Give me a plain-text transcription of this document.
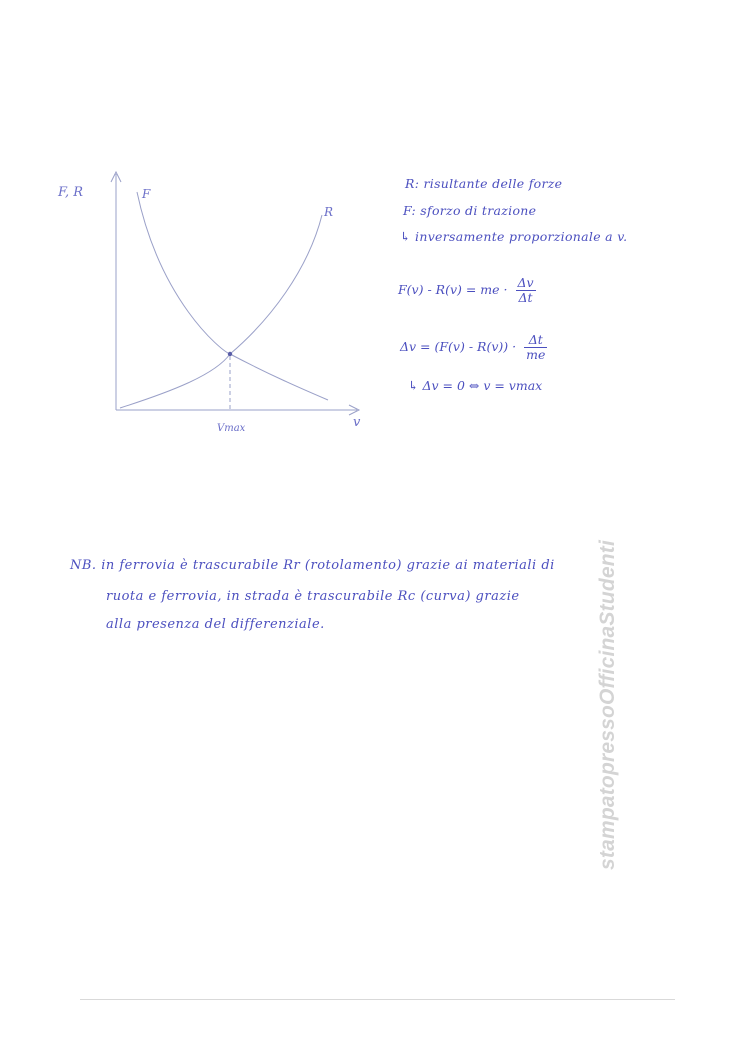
F, R	F
R
Vmax	v
R: risultante delle forze
F: sforzo di trazione
↳ inversamente proporzionale a v.
F(v) - R(v) = me · $\frac{\Delta v}{\Delta t}$
$\Delta v = (F(v) - R(v)) \cdot \frac{\Delta t}{me}$
↳ Δv = 0 ⇔ v = vmax
NB. in ferrovia è trascurabile Rr (rotolamento) grazie ai materiali di
ruota e ferrovia, in strada è trascurabile Rc (curva) grazie
alla presenza del differenziale.	stampatopressoOfficinaStudenti
